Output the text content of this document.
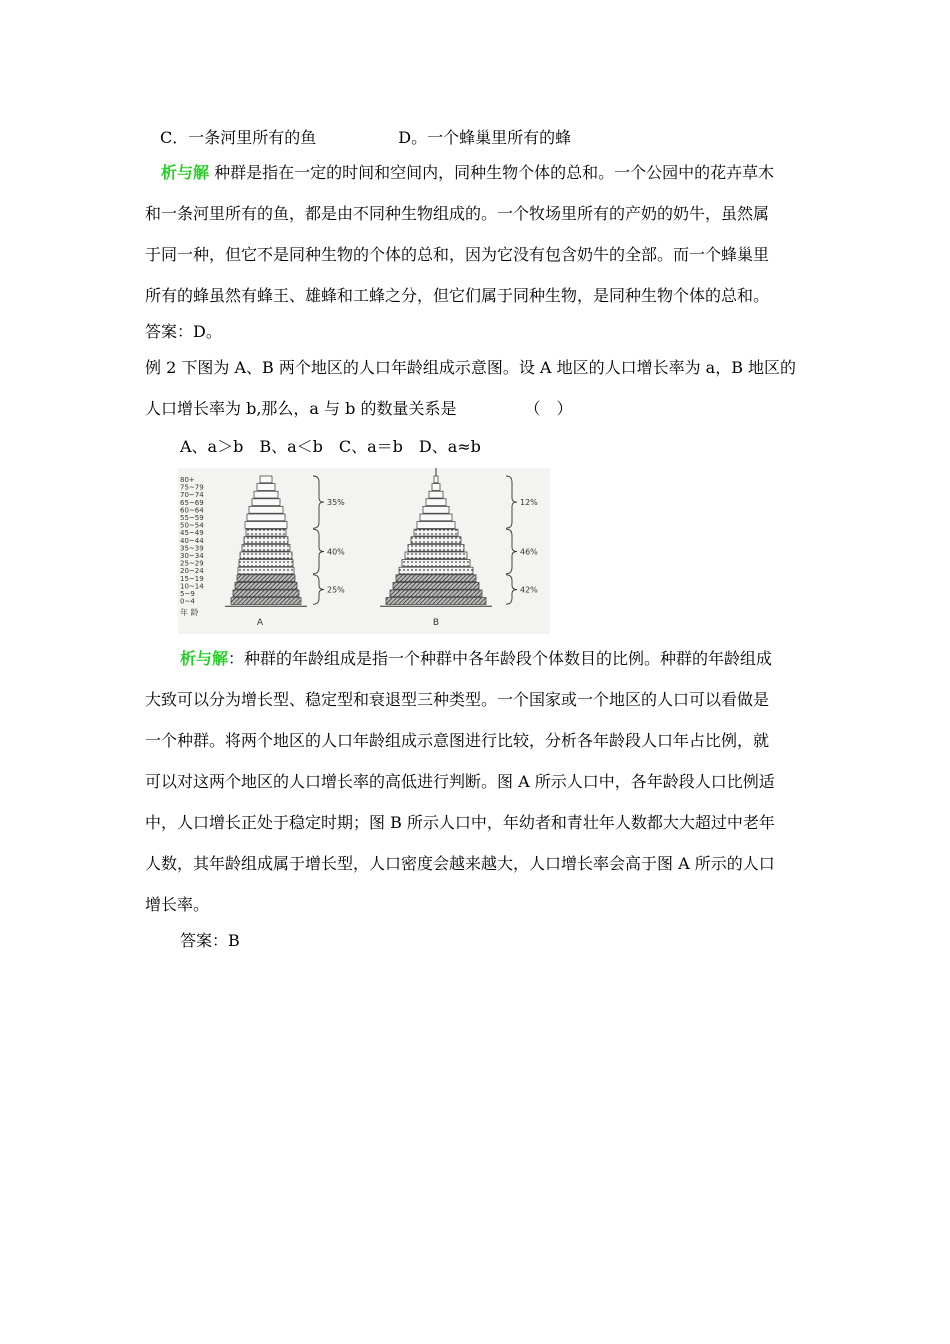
C．一条河里所有的鱼	D。一个蜂巢里所有的蜂
析与解 种群是指在一定的时间和空间内，同种生物个体的总和。一个公园中的花卉草木
和一条河里所有的鱼，都是由不同种生物组成的。一个牧场里所有的产奶的奶牛，虽然属
于同一种，但它不是同种生物的个体的总和，因为它没有包含奶牛的全部。而一个蜂巢里
所有的蜂虽然有蜂王、雄蜂和工蜂之分，但它们属于同种生物，是同种生物个体的总和。
答案：D。
例 2 下图为 A、B 两个地区的人口年龄组成示意图。设 A 地区的人口增长率为 a，B 地区的
人口增长率为 b,那么，a 与 b 的数量关系是	（　）
A、a＞b　B、a＜b　C、a＝b　D、a≈b
80+
75~79
70~74
65~69
60~64
55~59
50~54
45~49
40~44
35~39
30~34
25~29
20~24
15~19
10~14
5~9
0~4
年 龄
35%	12%
40%	46%
25%	42%
A	B
析与解：种群的年龄组成是指一个种群中各年龄段个体数目的比例。种群的年龄组成
大致可以分为增长型、稳定型和衰退型三种类型。一个国家或一个地区的人口可以看做是
一个种群。将两个地区的人口年龄组成示意图进行比较，分析各年龄段人口年占比例，就
可以对这两个地区的人口增长率的高低进行判断。图 A 所示人口中，各年龄段人口比例适
中，人口增长正处于稳定时期；图 B 所示人口中，年幼者和青壮年人数都大大超过中老年
人数，其年龄组成属于增长型，人口密度会越来越大，人口增长率会高于图 A 所示的人口
增长率。
答案：B
